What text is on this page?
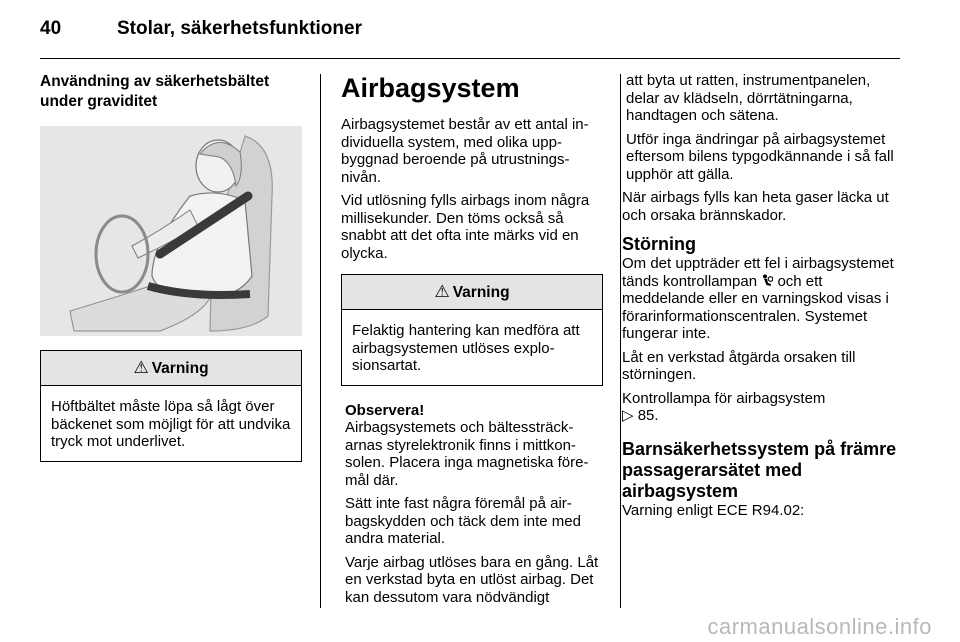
40	Stolar, säkerhetsfunktioner
Användning av säkerhetsbältet under graviditet
⚠ Varning
Höftbältet måste löpa så lågt över bäckenet som möjligt för att undvika tryck mot underlivet.
Airbagsystem

Airbagsystemet består av ett antal individuella system, med olika uppbyggnad beroende på utrustningsnivån.

Vid utlösning fylls airbags inom några millisekunder. Den töms också så snabbt att det ofta inte märks vid en olycka.

⚠ Varning
Felaktig hantering kan medföra att airbagsystemen utlöses explosionsartat.

Observera!

Airbagsystemets och bältessträckarnas styrelektronik finns i mittkonsolen. Placera inga magnetiska föremål där.

Sätt inte fast några föremål på airbagskydden och täck dem inte med andra material.

Varje airbag utlöses bara en gång. Låt en verkstad byta en utlöst airbag. Det kan dessutom vara nödvändigt

att byta ut ratten, instrumentpanelen, delar av klädseln, dörrtätningarna, handtagen och sätena.

Utför inga ändringar på airbagsystemet eftersom bilens typgodkännande i så fall upphör att gälla.

När airbags fylls kan heta gaser läcka ut och orsaka brännskador.

Störning

Om det uppträder ett fel i airbagsystemet tänds kontrollampan och ett meddelande eller en varningskod visas i förarinformationscentralen. Systemet fungerar inte.

Låt en verkstad åtgärda orsaken till störningen.

Kontrollampa för airbagsystem
▷ 85.

Barnsäkerhetssystem på främre passagerarsätet med airbagsystem

Varning enligt ECE R94.02:

carmanualsonline.info
